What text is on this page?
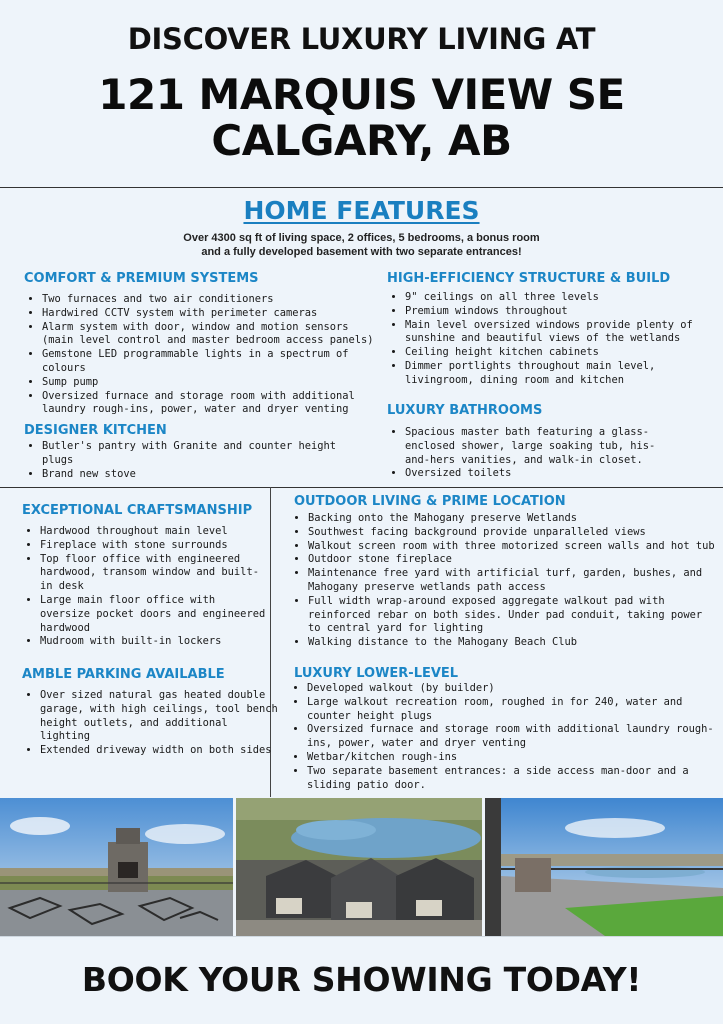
DISCOVER LUXURY LIVING AT
121 MARQUIS VIEW SE
CALGARY, AB
HOME FEATURES
Over 4300 sq ft of living space, 2 offices, 5 bedrooms, a bonus room
and a fully developed basement with two separate entrances!
COMFORT & PREMIUM SYSTEMS
• Two furnaces and two air conditioners
• Hardwired CCTV system with perimeter cameras
• Alarm system with door, window and motion sensors (main level control and master bedroom access panels)
• Gemstone LED programmable lights in a spectrum of colours
• Sump pump
• Oversized furnace and storage room with additional laundry rough-ins, power, water and dryer venting
DESIGNER KITCHEN
• Butler's pantry with Granite and counter height plugs
• Brand new stove
HIGH-EFFICIENCY STRUCTURE & BUILD
• 9" ceilings on all three levels
• Premium windows throughout
• Main level oversized windows provide plenty of sunshine and beautiful views of the wetlands
• Ceiling height kitchen cabinets
• Dimmer portlights throughout main level, livingroom, dining room and kitchen
LUXURY BATHROOMS
• Spacious master bath featuring a glass-enclosed shower, large soaking tub, his-and-hers vanities, and walk-in closet.
• Oversized toilets
EXCEPTIONAL CRAFTSMANSHIP
• Hardwood throughout main level
• Fireplace with stone surrounds
• Top floor office with engineered hardwood, transom window and built-in desk
• Large main floor office with oversize pocket doors and engineered hardwood
• Mudroom with built-in lockers
AMBLE PARKING AVAILABLE
• Over sized natural gas heated double garage, with high ceilings, tool bench height outlets, and additional lighting
• Extended driveway width on both sides
OUTDOOR LIVING & PRIME LOCATION
• Backing onto the Mahogany preserve Wetlands
• Southwest facing background provide unparalleled views
• Walkout screen room with three motorized screen walls and hot tub
• Outdoor stone fireplace
• Maintenance free yard with artificial turf, garden, bushes, and Mahogany preserve wetlands path access
• Full width wrap-around exposed aggregate walkout pad with reinforced rebar on both sides. Under pad conduit, taking power to central yard for lighting
• Walking distance to the Mahogany Beach Club
LUXURY LOWER-LEVEL
• Developed walkout (by builder)
• Large walkout recreation room, roughed in for 240, water and counter height plugs
• Oversized furnace and storage room with additional laundry rough-ins, power, water and dryer venting
• Wetbar/kitchen rough-ins
• Two separate basement entrances: a side access man-door and a sliding patio door.
BOOK YOUR SHOWING TODAY!
